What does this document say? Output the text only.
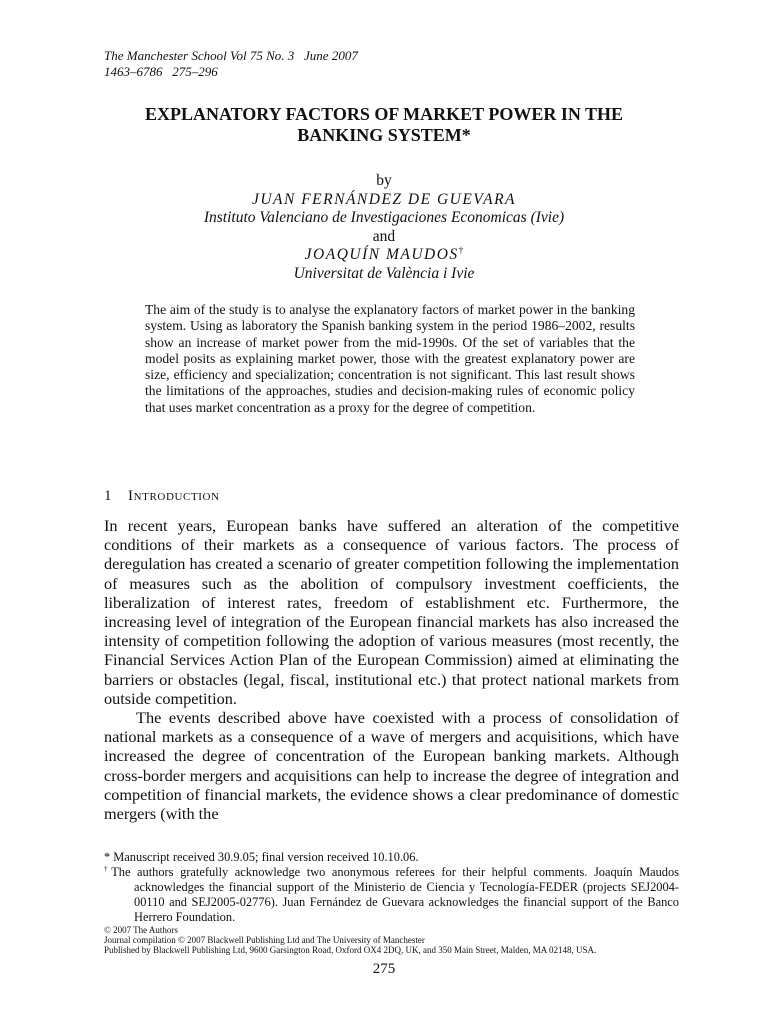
The Manchester School Vol 75 No. 3   June 2007
1463–6786   275–296
EXPLANATORY FACTORS OF MARKET POWER IN THE BANKING SYSTEM*
by
JUAN FERNÁNDEZ DE GUEVARA
Instituto Valenciano de Investigaciones Economicas (Ivie)
and
JOAQUÍN MAUDOS†
Universitat de València i Ivie
The aim of the study is to analyse the explanatory factors of market power in the banking system. Using as laboratory the Spanish banking system in the period 1986–2002, results show an increase of market power from the mid-1990s. Of the set of variables that the model posits as explaining market power, those with the greatest explanatory power are size, efficiency and specialization; concentration is not significant. This last result shows the limitations of the approaches, studies and decision-making rules of economic policy that uses market concentration as a proxy for the degree of competition.
1 Introduction

In recent years, European banks have suffered an alteration of the competitive conditions of their markets as a consequence of various factors. The process of deregulation has created a scenario of greater competition following the implementation of measures such as the abolition of compulsory investment coefficients, the liberalization of interest rates, freedom of establishment etc. Furthermore, the increasing level of integration of the European financial markets has also increased the intensity of competition following the adoption of various measures (most recently, the Financial Services Action Plan of the European Commission) aimed at eliminating the barriers or obstacles (legal, fiscal, institutional etc.) that protect national markets from outside competition.

The events described above have coexisted with a process of consolidation of national markets as a consequence of a wave of mergers and acquisitions, which have increased the degree of concentration of the European banking markets. Although cross-border mergers and acquisitions can help to increase the degree of integration and competition of financial markets, the evidence shows a clear predominance of domestic mergers (with the

* Manuscript received 30.9.05; final version received 10.10.06.
†The authors gratefully acknowledge two anonymous referees for their helpful comments. Joaquín Maudos acknowledges the financial support of the Ministerio de Ciencia y Tecnología-FEDER (projects SEJ2004-00110 and SEJ2005-02776). Juan Fernández de Guevara acknowledges the financial support of the Banco Herrero Foundation.
© 2007 The Authors
Journal compilation © 2007 Blackwell Publishing Ltd and The University of Manchester
Published by Blackwell Publishing Ltd, 9600 Garsington Road, Oxford OX4 2DQ, UK, and 350 Main Street, Malden, MA 02148, USA.
275
